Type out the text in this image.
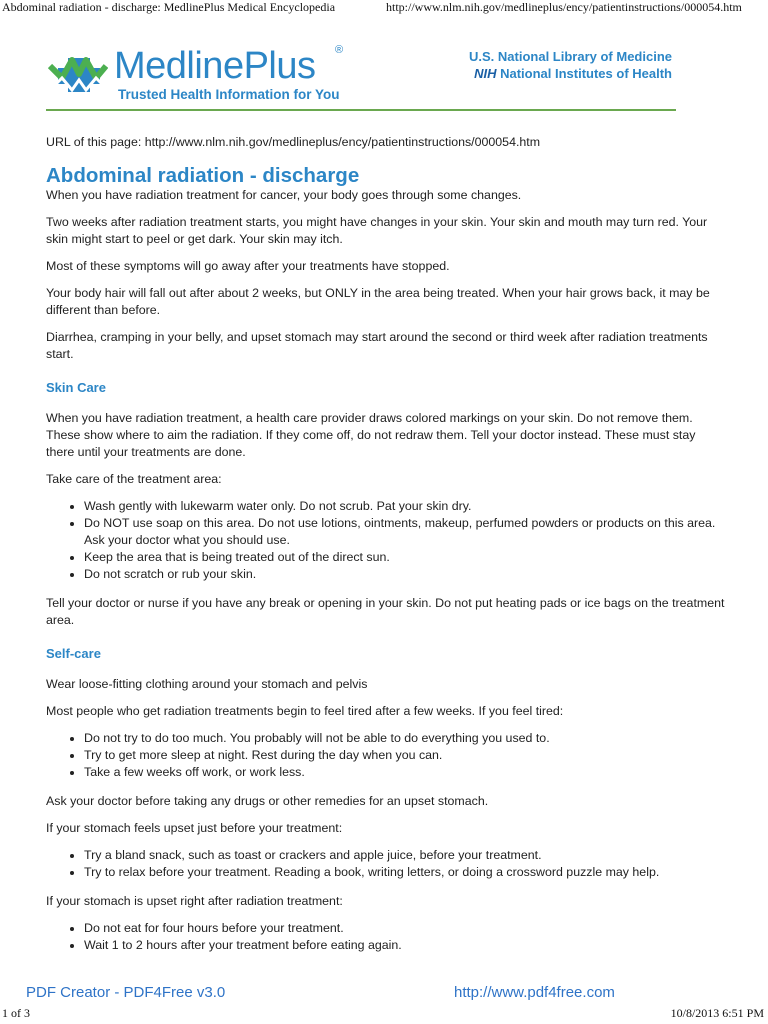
Abdominal radiation - discharge: MedlinePlus Medical Encyclopedia	http://www.nlm.nih.gov/medlineplus/ency/patientinstructions/000054.htm
MedlinePlus ®
Trusted Health Information for You
U.S. National Library of Medicine
NIH National Institutes of Health

URL of this page: http://www.nlm.nih.gov/medlineplus/ency/patientinstructions/000054.htm

Abdominal radiation - discharge

When you have radiation treatment for cancer, your body goes through some changes.

Two weeks after radiation treatment starts, you might have changes in your skin. Your skin and mouth may turn red. Your skin might start to peel or get dark. Your skin may itch.

Most of these symptoms will go away after your treatments have stopped.

Your body hair will fall out after about 2 weeks, but ONLY in the area being treated. When your hair grows back, it may be different than before.

Diarrhea, cramping in your belly, and upset stomach may start around the second or third week after radiation treatments start.

Skin Care

When you have radiation treatment, a health care provider draws colored markings on your skin. Do not remove them. These show where to aim the radiation. If they come off, do not redraw them. Tell your doctor instead. These must stay there until your treatments are done.

Take care of the treatment area:

• Wash gently with lukewarm water only. Do not scrub. Pat your skin dry.
• Do NOT use soap on this area. Do not use lotions, ointments, makeup, perfumed powders or products on this area. Ask your doctor what you should use.
• Keep the area that is being treated out of the direct sun.
• Do not scratch or rub your skin.

Tell your doctor or nurse if you have any break or opening in your skin. Do not put heating pads or ice bags on the treatment area.

Self-care

Wear loose-fitting clothing around your stomach and pelvis

Most people who get radiation treatments begin to feel tired after a few weeks. If you feel tired:

• Do not try to do too much. You probably will not be able to do everything you used to.
• Try to get more sleep at night. Rest during the day when you can.
• Take a few weeks off work, or work less.

Ask your doctor before taking any drugs or other remedies for an upset stomach.

If your stomach feels upset just before your treatment:

• Try a bland snack, such as toast or crackers and apple juice, before your treatment.
• Try to relax before your treatment. Reading a book, writing letters, or doing a crossword puzzle may help.

If your stomach is upset right after radiation treatment:

• Do not eat for four hours before your treatment.
• Wait 1 to 2 hours after your treatment before eating again.
PDF Creator - PDF4Free v3.0	http://www.pdf4free.com
1 of 3	10/8/2013 6:51 PM
